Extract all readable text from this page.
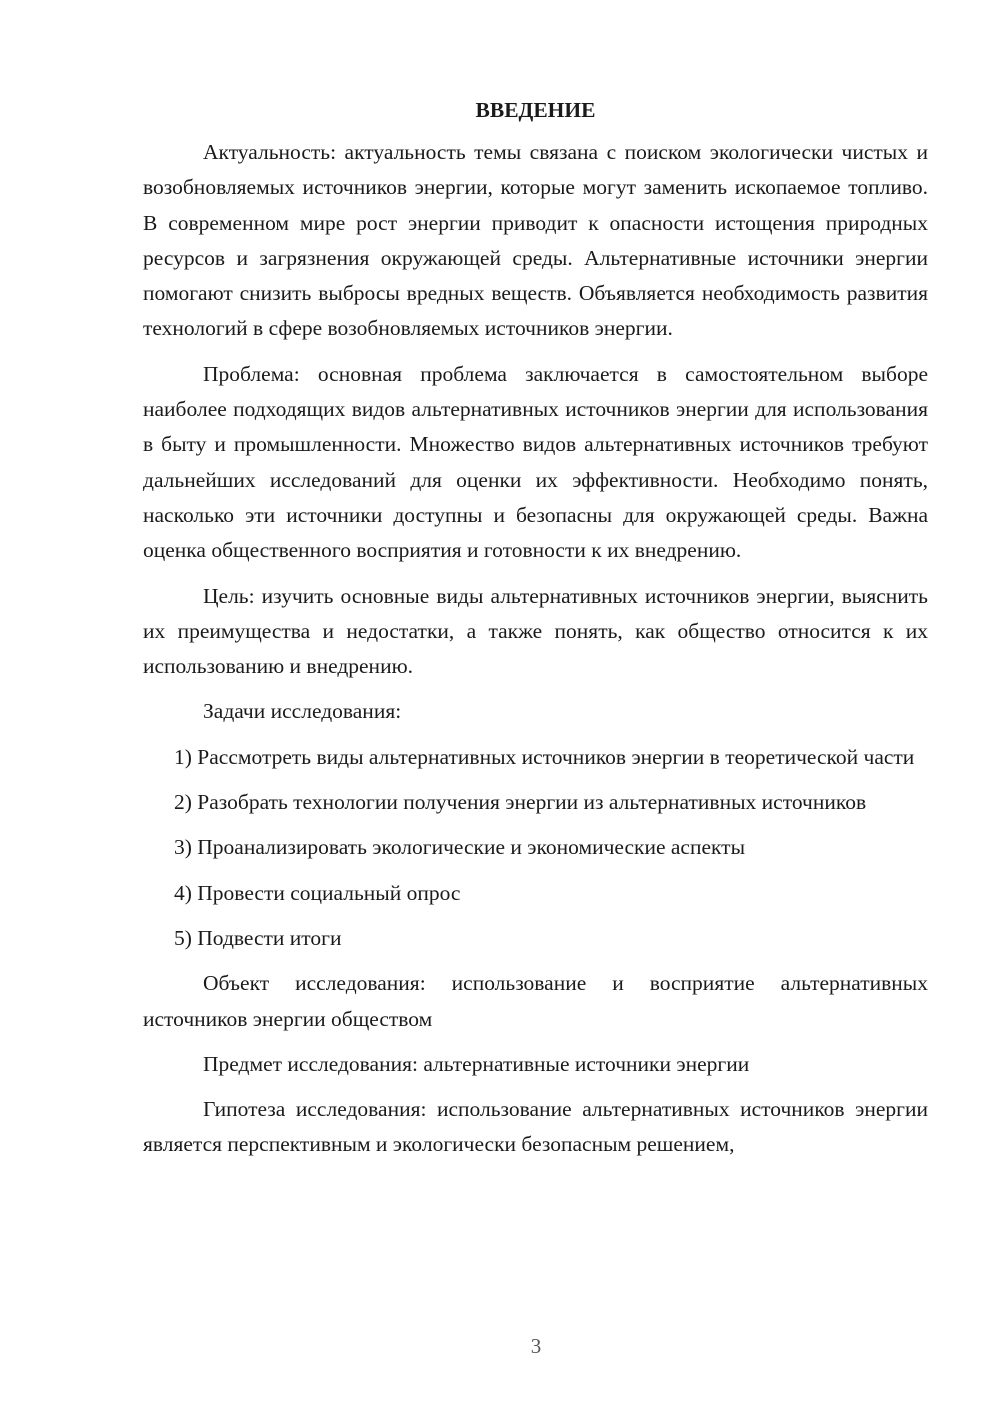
ВВЕДЕНИЕ
Актуальность: актуальность темы связана с поиском экологически чистых и возобновляемых источников энергии, которые могут заменить ископаемое топливо. В современном мире рост энергии приводит к опасности истощения природных ресурсов и загрязнения окружающей среды. Альтернативные источники энергии помогают снизить выбросы вредных веществ. Объявляется необходимость развития технологий в сфере возобновляемых источников энергии.
Проблема: основная проблема заключается в самостоятельном выборе наиболее подходящих видов альтернативных источников энергии для использования в быту и промышленности. Множество видов альтернативных источников требуют дальнейших исследований для оценки их эффективности. Необходимо понять, насколько эти источники доступны и безопасны для окружающей среды. Важна оценка общественного восприятия и готовности к их внедрению.
Цель: изучить основные виды альтернативных источников энергии, выяснить их преимущества и недостатки, а также понять, как общество относится к их использованию и внедрению.
Задачи исследования:
1) Рассмотреть виды альтернативных источников энергии в теоретической части
2) Разобрать технологии получения энергии из альтернативных источников
3) Проанализировать экологические и экономические аспекты
4) Провести социальный опрос
5) Подвести итоги
Объект исследования: использование и восприятие альтернативных источников энергии обществом
Предмет исследования: альтернативные источники энергии
Гипотеза исследования: использование альтернативных источников энергии является перспективным и экологически безопасным решением,
3
